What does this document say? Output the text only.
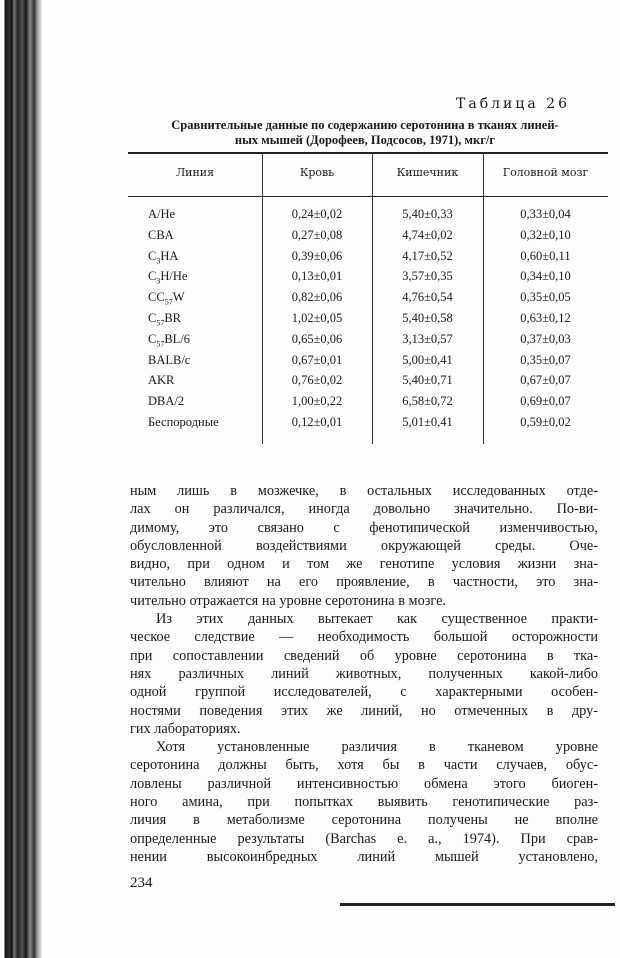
Таблица 26
Сравнительные данные по содержанию серотонина в тканях линей-
ных мышей (Дорофеев, Подсосов, 1971), мкг/г
Линия	Кровь	Кишечник	Головной мозг
A/He	0,24±0,02	5,40±0,33	0,33±0,04
CBA	0,27±0,08	4,74±0,02	0,32±0,10
$C_3HA$	0,39±0,06	4,17±0,52	0,60±0,11
$C_3H/He$	0,13±0,01	3,57±0,35	0,34±0,10
$CC_{57}W$	0,82±0,06	4,76±0,54	0,35±0,05
$C_{57}BR$	1,02±0,05	5,40±0,58	0,63±0,12
$C_{57}BL/6$	0,65±0,06	3,13±0,57	0,37±0,03
BALB/c	0,67±0,01	5,00±0,41	0,35±0,07
AKR	0,76±0,02	5,40±0,71	0,67±0,07
DBA/2	1,00±0,22	6,58±0,72	0,69±0,07
Беспородные	0,12±0,01	5,01±0,41	0,59±0,02
ным лишь в мозжечке, в остальных исследованных отде-
лах он различался, иногда довольно значительно. По-ви-
димому, это связано с фенотипической изменчивостью,
обусловленной воздействиями окружающей среды. Оче-
видно, при одном и том же генотипе условия жизни зна-
чительно влияют на его проявление, в частности, это зна-
чительно отражается на уровне серотонина в мозге.
Из этих данных вытекает как существенное практи-
ческое следствие — необходимость большой осторожности
при сопоставлении сведений об уровне серотонина в тка-
нях различных линий животных, полученных какой-либо
одной группой исследователей, с характерными особен-
ностями поведения этих же линий, но отмеченных в дру-
гих лабораториях.
Хотя установленные различия в тканевом уровне
серотонина должны быть, хотя бы в части случаев, обус-
ловлены различной интенсивностью обмена этого биоген-
ного амина, при попытках выявить генотипические раз-
личия в метаболизме серотонина получены не вполне
определенные результаты (Barchas e. a., 1974). При срав-
нении высокоинбредных линий мышей установлено,
234
